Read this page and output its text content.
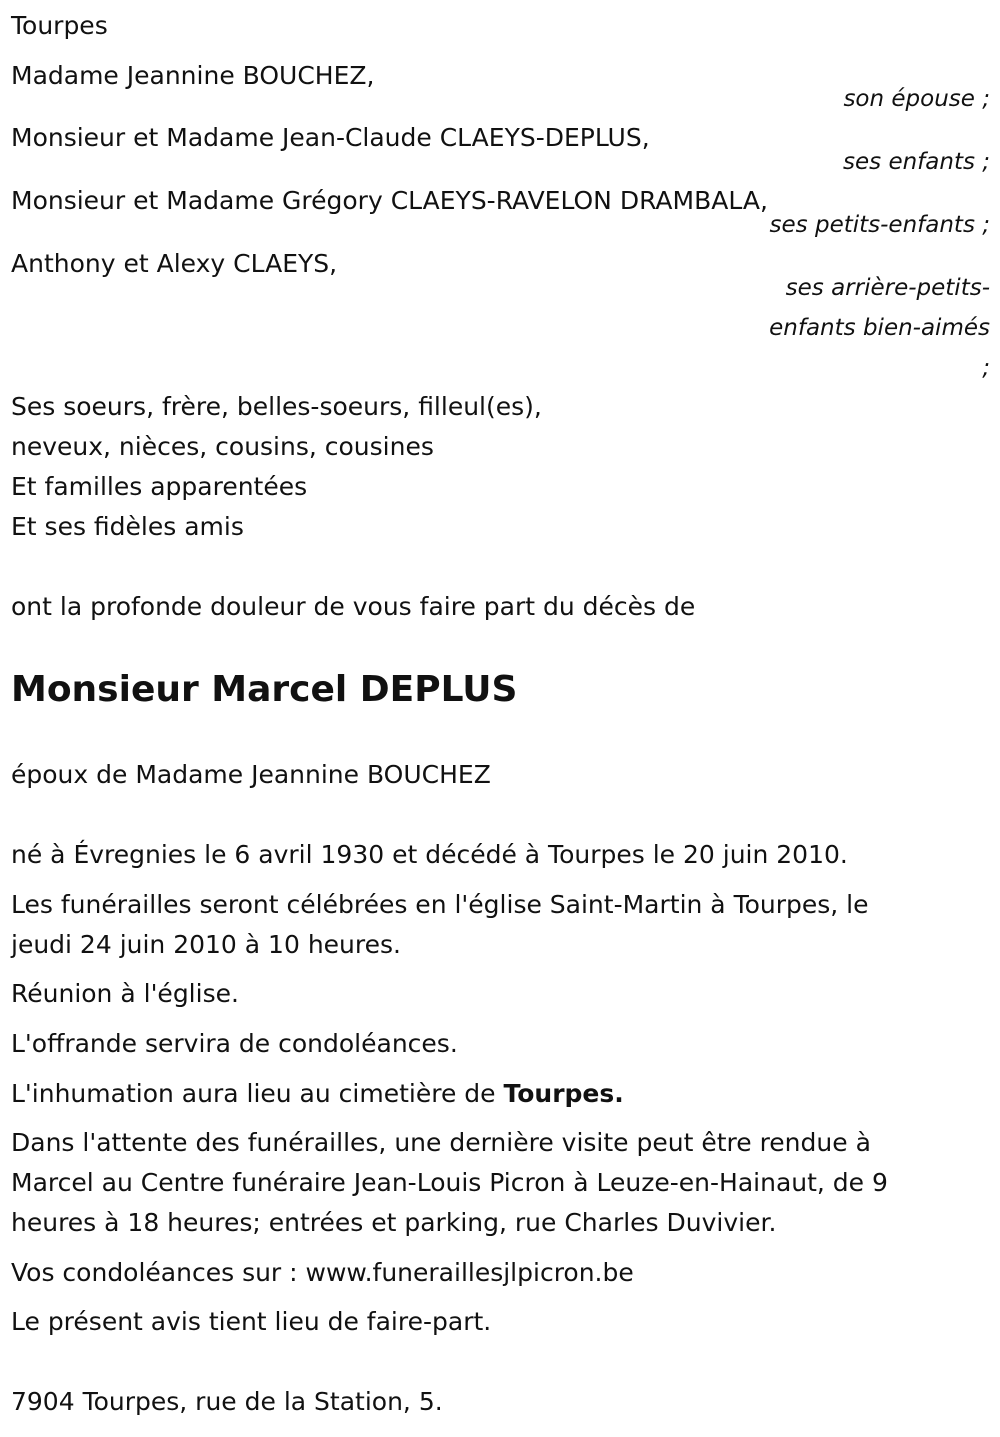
Tourpes

Madame Jeannine BOUCHEZ,

son épouse ;

Monsieur et Madame Jean-Claude CLAEYS-DEPLUS,

ses enfants ;

Monsieur et Madame Grégory CLAEYS-RAVELON DRAMBALA,

ses petits-enfants ;

Anthony et Alexy CLAEYS,

ses arrière-petits-

enfants bien-aimés

;

Ses soeurs, frère, belles-soeurs, filleul(es),

neveux, nièces, cousins, cousines

Et familles apparentées

Et ses fidèles amis

ont la profonde douleur de vous faire part du décès de

Monsieur Marcel DEPLUS

époux de Madame Jeannine BOUCHEZ

né à Évregnies le 6 avril 1930 et décédé à Tourpes le 20 juin 2010.

Les funérailles seront célébrées en l'église Saint-Martin à Tourpes, le

jeudi 24 juin 2010 à 10 heures.

Réunion à l'église.

L'offrande servira de condoléances.

L'inhumation aura lieu au cimetière de Tourpes.

Dans l'attente des funérailles, une dernière visite peut être rendue à

Marcel au Centre funéraire Jean-Louis Picron à Leuze-en-Hainaut, de 9

heures à 18 heures; entrées et parking, rue Charles Duvivier.

Vos condoléances sur : www.funeraillesjlpicron.be

Le présent avis tient lieu de faire-part.

7904 Tourpes, rue de la Station, 5.
